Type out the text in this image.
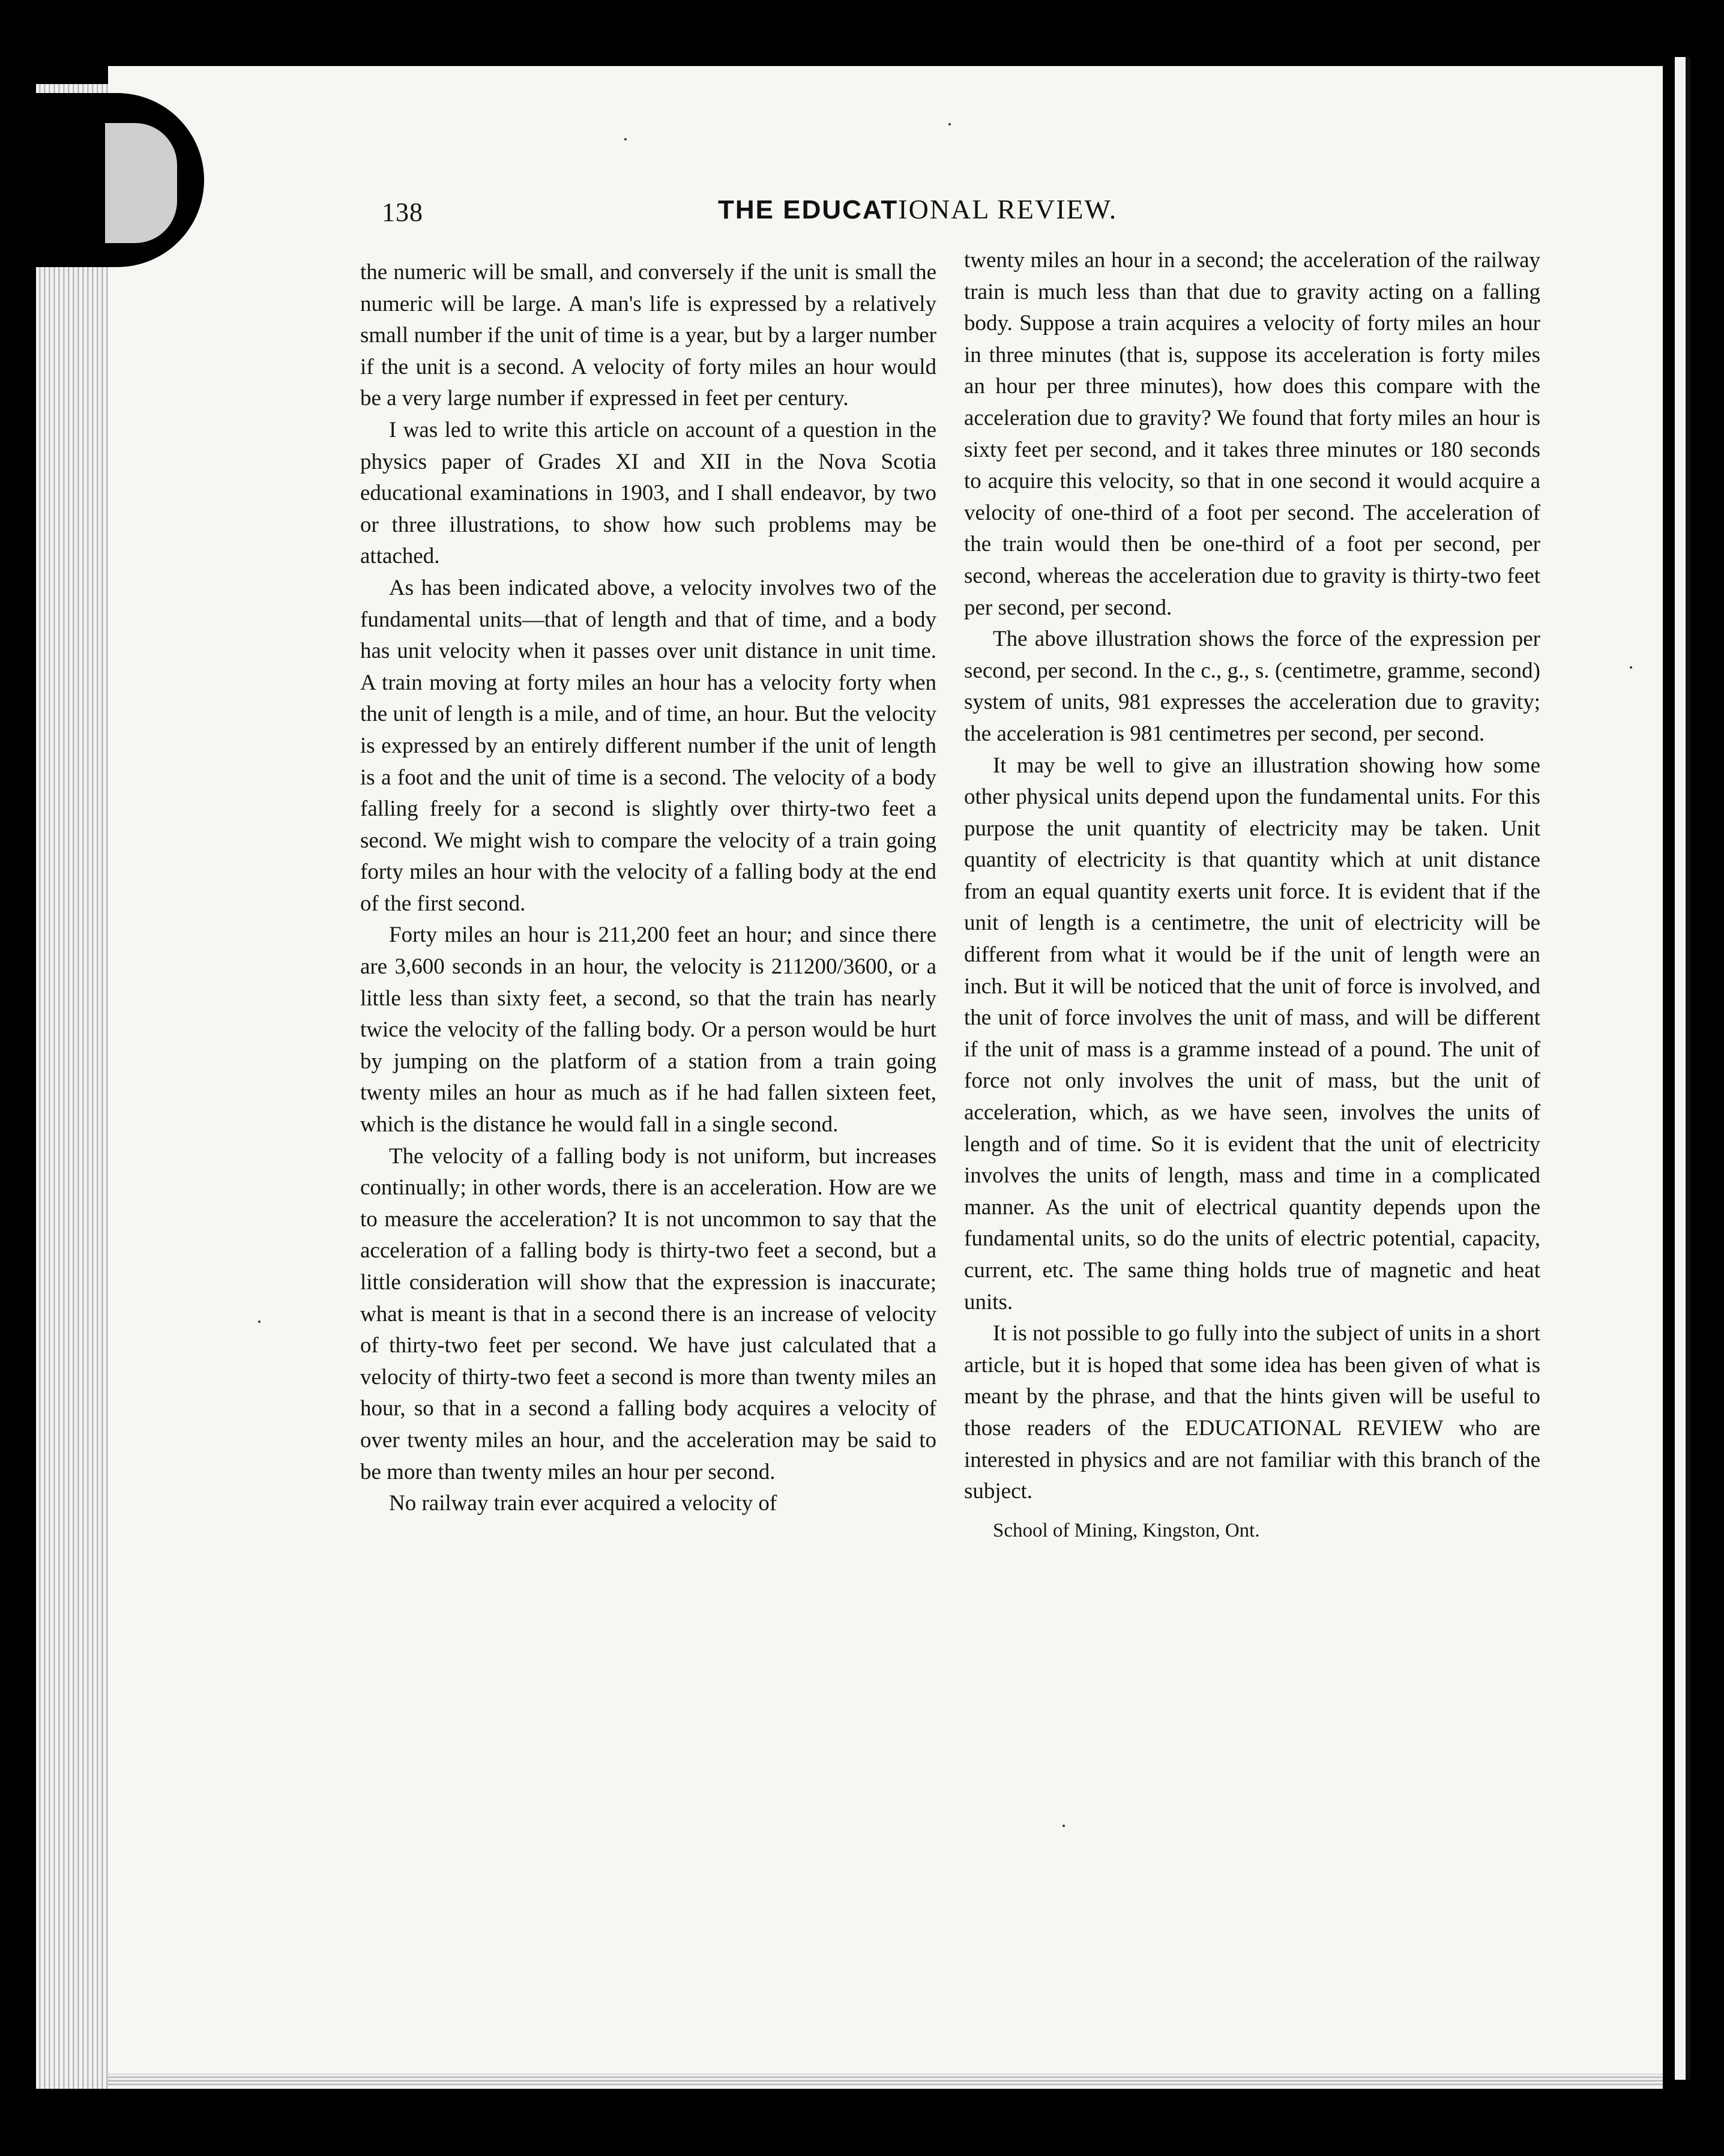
138	THE EDUCATIONAL REVIEW.

the numeric will be small, and conversely if the unit is small the numeric will be large. A man's life is expressed by a relatively small number if the unit of time is a year, but by a larger number if the unit is a second. A velocity of forty miles an hour would be a very large number if expressed in feet per century.

I was led to write this article on account of a question in the physics paper of Grades XI and XII in the Nova Scotia educational examinations in 1903, and I shall endeavor, by two or three illustrations, to show how such problems may be attached.

As has been indicated above, a velocity involves two of the fundamental units—that of length and that of time, and a body has unit velocity when it passes over unit distance in unit time. A train moving at forty miles an hour has a velocity forty when the unit of length is a mile, and of time, an hour. But the velocity is expressed by an entirely different number if the unit of length is a foot and the unit of time is a second. The velocity of a body falling freely for a second is slightly over thirty-two feet a second. We might wish to compare the velocity of a train going forty miles an hour with the velocity of a falling body at the end of the first second.

Forty miles an hour is 211,200 feet an hour; and since there are 3,600 seconds in an hour, the velocity is 211200/3600, or a little less than sixty feet, a second, so that the train has nearly twice the velocity of the falling body. Or a person would be hurt by jumping on the platform of a station from a train going twenty miles an hour as much as if he had fallen sixteen feet, which is the distance he would fall in a single second.

The velocity of a falling body is not uniform, but increases continually; in other words, there is an acceleration. How are we to measure the acceleration? It is not uncommon to say that the acceleration of a falling body is thirty-two feet a second, but a little consideration will show that the expression is inaccurate; what is meant is that in a second there is an increase of velocity of thirty-two feet per second. We have just calculated that a velocity of thirty-two feet a second is more than twenty miles an hour, so that in a second a falling body acquires a velocity of over twenty miles an hour, and the acceleration may be said to be more than twenty miles an hour per second.

No railway train ever acquired a velocity of

twenty miles an hour in a second; the acceleration of the railway train is much less than that due to gravity acting on a falling body. Suppose a train acquires a velocity of forty miles an hour in three minutes (that is, suppose its acceleration is forty miles an hour per three minutes), how does this compare with the acceleration due to gravity? We found that forty miles an hour is sixty feet per second, and it takes three minutes or 180 seconds to acquire this velocity, so that in one second it would acquire a velocity of one-third of a foot per second. The acceleration of the train would then be one-third of a foot per second, per second, whereas the acceleration due to gravity is thirty-two feet per second, per second.

The above illustration shows the force of the expression per second, per second. In the c., g., s. (centimetre, gramme, second) system of units, 981 expresses the acceleration due to gravity; the acceleration is 981 centimetres per second, per second.

It may be well to give an illustration showing how some other physical units depend upon the fundamental units. For this purpose the unit quantity of electricity may be taken. Unit quantity of electricity is that quantity which at unit distance from an equal quantity exerts unit force. It is evident that if the unit of length is a centimetre, the unit of electricity will be different from what it would be if the unit of length were an inch. But it will be noticed that the unit of force is involved, and the unit of force involves the unit of mass, and will be different if the unit of mass is a gramme instead of a pound. The unit of force not only involves the unit of mass, but the unit of acceleration, which, as we have seen, involves the units of length and of time. So it is evident that the unit of electricity involves the units of length, mass and time in a complicated manner. As the unit of electrical quantity depends upon the fundamental units, so do the units of electric potential, capacity, current, etc. The same thing holds true of magnetic and heat units.

It is not possible to go fully into the subject of units in a short article, but it is hoped that some idea has been given of what is meant by the phrase, and that the hints given will be useful to those readers of the EDUCATIONAL REVIEW who are interested in physics and are not familiar with this branch of the subject.

School of Mining, Kingston, Ont.
